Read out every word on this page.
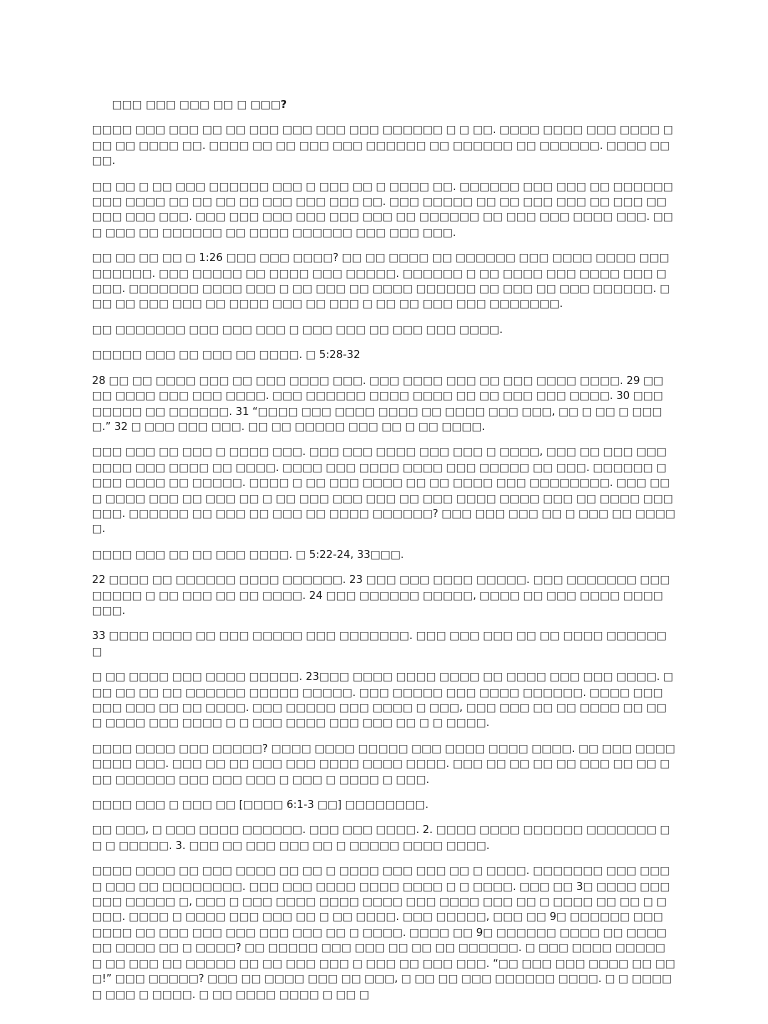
□□□ □□□ □□□ □□ □ □□□?
□□□□ □□□ □□□ □□ □□ □□□ □□□ □□□ □□□ □□□□□□ □ □ □□. □□□□ □□□□ □□□ □□□□ □□□ □□ □□□□ □□. □□□□ □□ □□ □□□ □□□ □□□□□□ □□ □□□□□□ □□ □□□□□□. □□□□ □□□□.
□□ □□ □ □□ □□□ □□□□□□ □□□ □ □□□ □□ □ □□□□ □□. □□□□□□ □□□ □□□ □□ □□□□□□ □□□ □□□□ □□ □□ □□ □□ □□□ □□□ □□□ □□. □□□ □□□□□ □□ □□ □□□ □□□ □□ □□□ □□ □□□ □□□ □□□. □□□ □□□ □□□ □□□ □□□ □□□ □□ □□□□□□ □□ □□□ □□□ □□□□ □□□. □□□ □□□ □□ □□□□□□ □□ □□□□ □□□□□□ □□□ □□□ □□□.
□□ □□ □□ □□ □ 1:26 □□□ □□□ □□□□? □□ □□ □□□□ □□ □□□□□□ □□□ □□□□ □□□□ □□□□□□□□□. □□□ □□□□□ □□ □□□□ □□□ □□□□□. □□□□□□ □ □□ □□□□ □□□ □□□□ □□□ □□□□. □□□□□□□ □□□□ □□□ □ □□ □□□ □□ □□□□ □□□□□□ □□ □□□ □□ □□□ □□□□□□. □□□ □□ □□□ □□□ □□ □□□□ □□□ □□ □□□ □ □□ □□ □□□ □□□ □□□□□□□.
□□ □□□□□□□ □□□ □□□ □□□ □ □□□ □□□ □□ □□□ □□□ □□□□.
□□□□□ □□□ □□ □□□ □□ □□□□. □ 5:28-32
28 □□ □□ □□□□ □□□ □□ □□□ □□□□ □□□. □□□ □□□□ □□□ □□ □□□ □□□□ □□□□. 29 □□ □□ □□□□ □□□ □□□ □□□□. □□□ □□□□□□ □□□□ □□□□ □□ □□ □□□ □□□ □□□□. 30 □□□ □□□□□ □□ □□□□□□. 31 “□□□□ □□□ □□□□ □□□□ □□ □□□□ □□□ □□□, □□ □ □□ □ □□□□.” 32 □ □□□ □□□ □□□. □□ □□ □□□□□ □□□ □□ □ □□ □□□□.
□□□ □□□ □□ □□□ □ □□□□ □□□. □□□ □□□ □□□□ □□□ □□□ □ □□□□, □□□ □□ □□□ □□□ □□□□ □□□ □□□□ □□ □□□□. □□□□ □□□ □□□□ □□□□ □□□ □□□□□ □□ □□□. □□□□□□ □□□□ □□□□ □□ □□□□□. □□□□ □ □□ □□□ □□□□ □□ □□ □□□□ □□□ □□□□□□□□. □□□ □□□ □□□□ □□□ □□ □□□ □□ □ □□ □□□ □□□ □□□ □□ □□□ □□□□ □□□□ □□□ □□ □□□□ □□□ □□□. □□□□□□ □□ □□□ □□ □□□ □□ □□□□ □□□□□□? □□□ □□□ □□□ □□ □ □□□ □□ □□□□□.
□□□□ □□□ □□ □□ □□□ □□□□. □ 5:22-24, 33□□□.
22 □□□□ □□ □□□□□□ □□□□ □□□□□□. 23 □□□ □□□ □□□□ □□□□□. □□□ □□□□□□□ □□□ □□□□□ □ □□ □□□ □□ □□ □□□□. 24 □□□ □□□□□□ □□□□□, □□□□ □□ □□□ □□□□ □□□□ □□□.
33 □□□□ □□□□ □□ □□□ □□□□□ □□□ □□□□□□□. □□□ □□□ □□□ □□ □□ □□□□ □□□□□□□
□ □□ □□□□ □□□ □□□□ □□□□□. 23□□□ □□□□ □□□□ □□□□ □□ □□□□ □□□ □□□ □□□□. □□□ □□ □□ □□ □□□□□□ □□□□□ □□□□□. □□□ □□□□□ □□□ □□□□ □□□□□□. □□□□ □□□ □□□ □□□ □□ □□ □□□□. □□□ □□□□□ □□□ □□□□ □ □□□, □□□ □□□ □□ □□ □□□□ □□ □□□ □□□□ □□□ □□□□ □ □ □□□ □□□□ □□□ □□□ □□ □ □ □□□□.
□□□□ □□□□ □□□ □□□□□? □□□□ □□□□ □□□□□ □□□ □□□□ □□□□ □□□□. □□ □□□ □□□□ □□□□ □□□. □□□ □□ □□ □□□ □□□ □□□□ □□□□ □□□□. □□□ □□ □□ □□ □□ □□□ □□ □□ □□□ □□□□□□ □□□ □□□ □□□ □ □□□ □ □□□□ □ □□□.
□□□□ □□□ □ □□□ □□ [□□□□ 6:1-3 □□] □□□□□□□□.
□□ □□□, □ □□□ □□□□ □□□□□□. □□□ □□□ □□□□. 2. □□□□ □□□□ □□□□□□ □□□□□□□ □□ □ □□□□□. 3. □□□ □□ □□□ □□□ □□ □ □□□□□ □□□□ □□□□.
□□□□ □□□□ □□ □□□ □□□□ □□ □□ □ □□□□ □□□ □□□ □□ □ □□□□. □□□□□□□ □□□ □□□□ □□□ □□ □□□□□□□□. □□□ □□□ □□□□ □□□□ □□□□ □ □ □□□□. □□□ □□ 3□ □□□□ □□□□□□ □□□□□ □, □□□ □ □□□ □□□□ □□□□ □□□□ □□□ □□□□ □□□ □□ □ □□□□ □□ □□ □ □□□□. □□□□ □ □□□□ □□□ □□□ □□ □ □□ □□□□. □□□ □□□□□, □□□ □□ 9□ □□□□□□ □□□ □□□□ □□ □□□ □□□ □□□ □□□ □□□ □□ □ □□□□. □□□□ □□ 9□ □□□□□□ □□□□ □□ □□□□ □□ □□□□ □□ □ □□□□? □□ □□□□□ □□□ □□□ □□ □□ □□ □□□□□□. □ □□□ □□□□ □□□□□ □ □□ □□□ □□ □□□□□ □□ □□ □□□ □□□ □ □□□ □□ □□□ □□□. “□□ □□□ □□□ □□□□ □□ □□□!” □□□ □□□□□? □□□ □□ □□□□ □□□ □□ □□□, □ □□ □□ □□□ □□□□□□ □□□□. □ □ □□□□□ □□□ □ □□□□. □ □□ □□□□ □□□□ □ □□ □
